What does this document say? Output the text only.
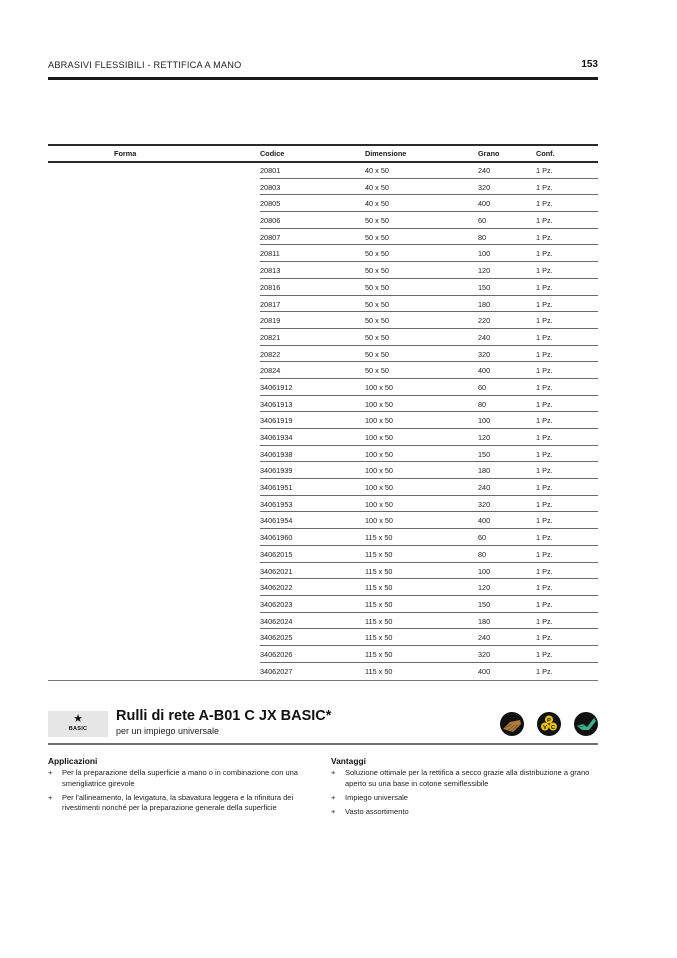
ABRASIVI FLESSIBILI - RETTIFICA A MANO	153
Forma	Codice	Dimensione	Grano	Conf.
20801	40 x 50	240	1 Pz.
20803	40 x 50	320	1 Pz.
20805	40 x 50	400	1 Pz.
20806	50 x 50	60	1 Pz.
20807	50 x 50	80	1 Pz.
20811	50 x 50	100	1 Pz.
20813	50 x 50	120	1 Pz.
20816	50 x 50	150	1 Pz.
20817	50 x 50	180	1 Pz.
20819	50 x 50	220	1 Pz.
20821	50 x 50	240	1 Pz.
20822	50 x 50	320	1 Pz.
20824	50 x 50	400	1 Pz.
34061912	100 x 50	60	1 Pz.
34061913	100 x 50	80	1 Pz.
34061919	100 x 50	100	1 Pz.
34061934	100 x 50	120	1 Pz.
34061938	100 x 50	150	1 Pz.
34061939	100 x 50	180	1 Pz.
34061951	100 x 50	240	1 Pz.
34061953	100 x 50	320	1 Pz.
34061954	100 x 50	400	1 Pz.
34061960	115 x 50	60	1 Pz.
34062015	115 x 50	80	1 Pz.
34062021	115 x 50	100	1 Pz.
34062022	115 x 50	120	1 Pz.
34062023	115 x 50	150	1 Pz.
34062024	115 x 50	180	1 Pz.
34062025	115 x 50	240	1 Pz.
34062026	115 x 50	320	1 Pz.
34062027	115 x 50	400	1 Pz.
★
BASIC
Rulli di rete A-B01 C JX BASIC*
per un impiego universale
P
V C
Applicazioni
+ Per la preparazione della superficie a mano o in combinazione con una smerigliatrice girevole
+ Per l'allineamento, la levigatura, la sbavatura leggera e la rifinitura dei rivestimenti nonché per la preparazione generale della superficie
Vantaggi
+ Soluzione ottimale per la rettifica a secco grazie alla distribuzione a grano aperto su una base in cotone semiflessibile
+ Impiego universale
+ Vasto assortimento
